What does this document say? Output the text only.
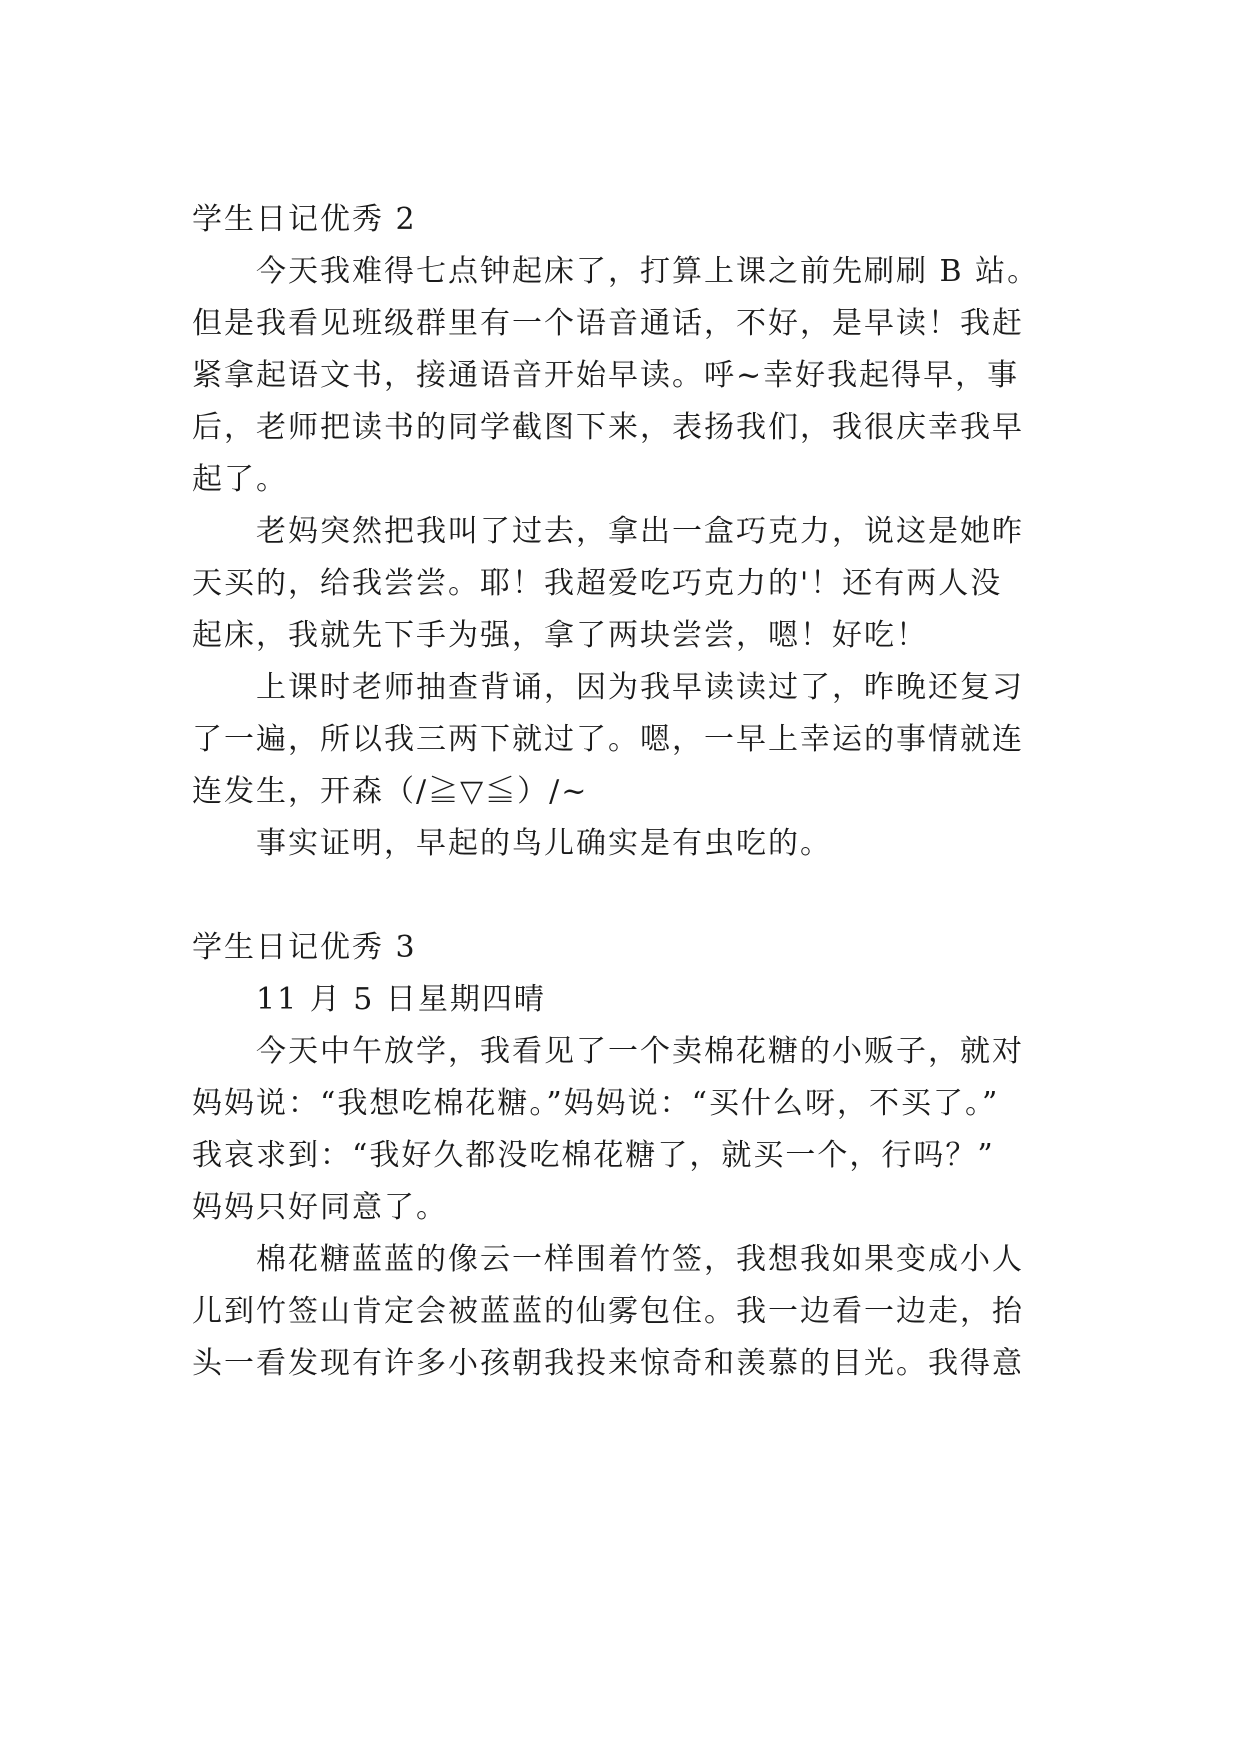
学生日记优秀 2

今天我难得七点钟起床了，打算上课之前先刷刷 B 站。

但是我看见班级群里有一个语音通话，不好，是早读！我赶

紧拿起语文书，接通语音开始早读。呼~幸好我起得早，事

后，老师把读书的同学截图下来，表扬我们，我很庆幸我早

起了。

老妈突然把我叫了过去，拿出一盒巧克力，说这是她昨

天买的，给我尝尝。耶！我超爱吃巧克力的'！还有两人没

起床，我就先下手为强，拿了两块尝尝，嗯！好吃！

上课时老师抽查背诵，因为我早读读过了，昨晚还复习

了一遍，所以我三两下就过了。嗯，一早上幸运的事情就连

连发生，开森（/≧▽≦）/~

事实证明，早起的鸟儿确实是有虫吃的。

学生日记优秀 3

11 月 5 日星期四晴

今天中午放学，我看见了一个卖棉花糖的小贩子，就对

妈妈说：“我想吃棉花糖。”妈妈说：“买什么呀，不买了。”

我哀求到：“我好久都没吃棉花糖了，就买一个，行吗？”

妈妈只好同意了。

棉花糖蓝蓝的像云一样围着竹签，我想我如果变成小人

儿到竹签山肯定会被蓝蓝的仙雾包住。我一边看一边走，抬

头一看发现有许多小孩朝我投来惊奇和羡慕的目光。我得意
